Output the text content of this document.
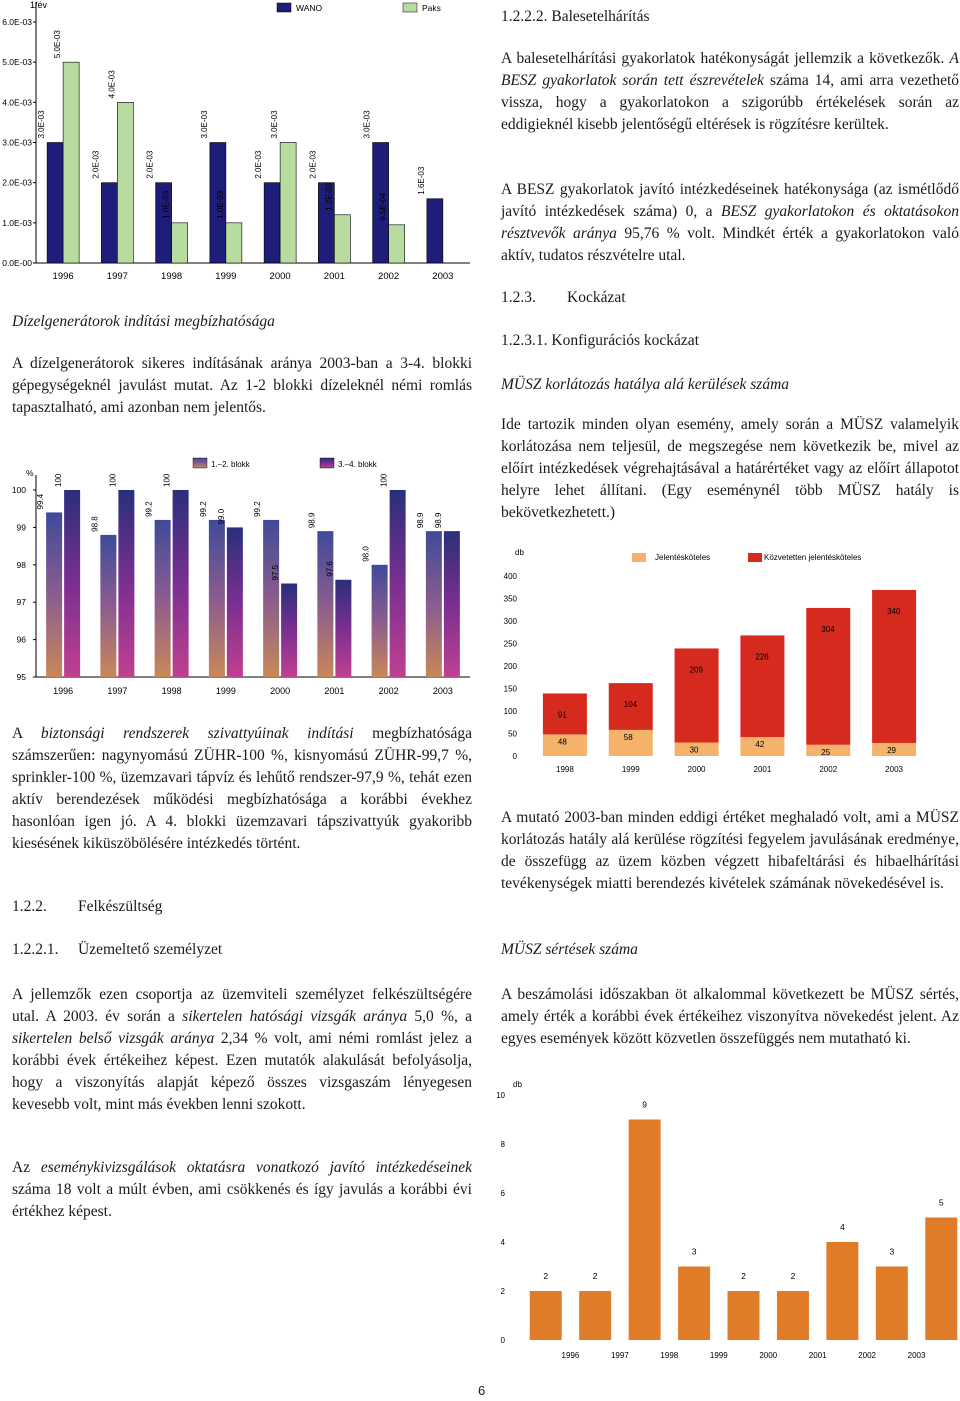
1/év
0.0E-00
1.0E-03
2.0E-03
3.0E-03
4.0E-03
5.0E-03
6.0E-03
WANO	Paks
1996
3.0E-03
5.0E-03
1997
2.0E-03
4.0E-03
1998
2.0E-03
1.0E-03
1999
3.0E-03
1.0E-03
2000
2.0E-03
3.0E-03
2001
2.0E-03
1.2E-03
2002
3.0E-03
9.5E-04
2003
1.6E-03

Dízelgenerátorok indítási megbízhatósága

A dízelgenerátorok sikeres indításának aránya 2003-ban a 3-4. blokki gépegységeknél javulást mutat. Az 1-2 blokki dízeleknél némi romlás tapasztalható, ami azonban nem jelentős.

%
95
96
97
98
99
100
1.–2. blokk	3.–4. blokk
1996
99.4
100
1997
98.8
100
1998
99.2
100
1999
99.2 99.0
2000
99.2
97.5
2001
98.9
97.6
2002
98.0
100
2003
98.9 98.9

A biztonsági rendszerek szivattyúinak indítási megbízhatósága számszerűen: nagynyomású ZÜHR-100 %, kisnyomású ZÜHR-99,7 %, sprinkler-100 %, üzemzavari tápvíz és lehűtő rendszer-97,9 %, tehát ezen aktív berendezések működési megbízhatósága a korábbi évekhez hasonlóan igen jó. A 4. blokki üzemzavari tápszivattyúk gyakoribb kiesésének kiküszöbölésére intézkedés történt.

1.2.2. Felkészültség

1.2.2.1. Üzemeltető személyzet

A jellemzők ezen csoportja az üzemviteli személyzet felkészültségére utal. A 2003. év során a sikertelen hatósági vizsgák aránya 5,0 %, a sikertelen belső vizsgák aránya 2,34 % volt, ami némi romlást jelez a korábbi évek értékeihez képest. Ezen mutatók alakulását befolyásolja, hogy a viszonyítás alapját képező összes vizsgaszám lényegesen kevesebb volt, mint más években lenni szokott.

Az eseménykivizsgálások oktatásra vonatkozó javító intézkedéseinek száma 18 volt a múlt évben, ami csökkenés és így javulás a korábbi évi értékhez képest.

1.2.2.2. Balesetelhárítás

A balesetelhárítási gyakorlatok hatékonyságát jellemzik a következők. A BESZ gyakorlatok során tett észrevételek száma 14, ami arra vezethető vissza, hogy a gyakorlatokon a szigorúbb értékelések során az eddigieknél kisebb jelentőségű eltérések is rögzítésre kerültek.

A BESZ gyakorlatok javító intézkedéseinek hatékonysága (az ismétlődő javító intézkedések száma) 0, a BESZ gyakorlatokon és oktatásokon résztvevők aránya 95,76 % volt. Mindkét érték a gyakorlatokon való aktív, tudatos részvételre utal.

1.2.3. Kockázat

1.2.3.1. Konfigurációs kockázat

MÜSZ korlátozás hatálya alá kerülések száma

Ide tartozik minden olyan esemény, amely során a MÜSZ valamelyik korlátozása nem teljesül, de megszegése nem következik be, mivel az előírt intézkedések végrehajtásával a határértéket vagy az előírt állapotot helyre lehet állítani. (Egy eseménynél több MÜSZ hatály is bekövetkezhetett.)

db
0
50
100
150
200
250
300
350
400
Jelentésköteles	Közvetetten jelentésköteles
1998
48
91
1999
58
104
2000
30
209
2001
42
226
2002
25
304
2003
29
340

A mutató 2003-ban minden eddigi értéket meghaladó volt, ami a MÜSZ korlátozás hatály alá kerülése rögzítési fegyelem javulásának eredménye, de összefügg az üzem közben végzett hibafeltárási és hibaelhárítási tevékenységek miatti berendezés kivételek számának növekedésével is.

MÜSZ sértések száma

A beszámolási időszakban öt alkalommal következett be MÜSZ sértés, amely érték a korábbi évek értékeihez viszonyítva növekedést jelent. Az egyes események között közvetlen összefüggés nem mutatható ki.

db
0
2
4
6
8
10
2	2
9
3
2	2
4
3
5
1996	1997	1998	1999	2000	2001	2002	2003

6
